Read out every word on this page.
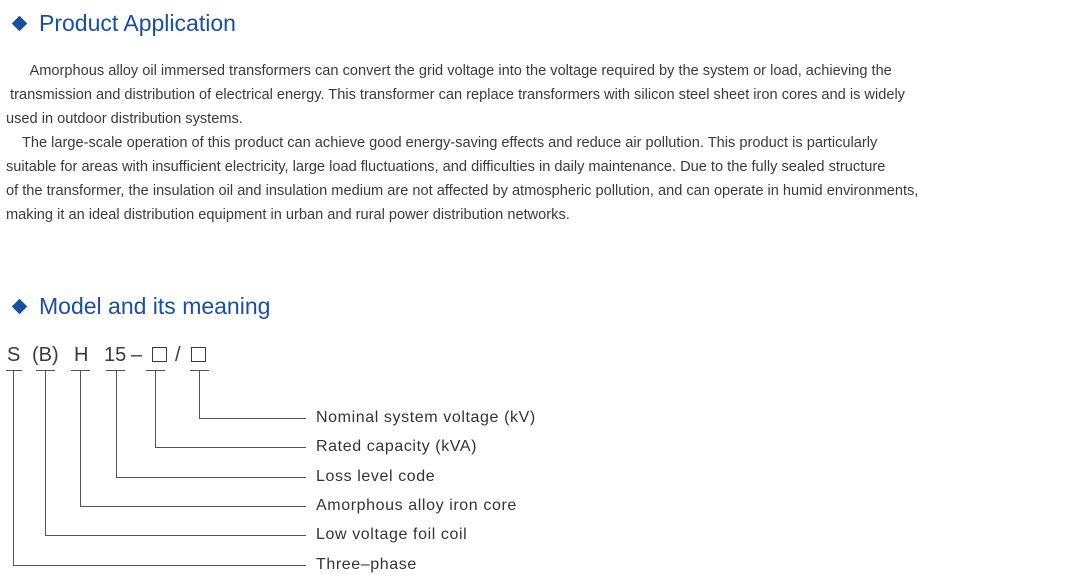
Product Application

Amorphous alloy oil immersed transformers can convert the grid voltage into the voltage required by the system or load, achieving the
transmission and distribution of electrical energy. This transformer can replace transformers with silicon steel sheet iron cores and is widely
used in outdoor distribution systems.

The large-scale operation of this product can achieve good energy-saving effects and reduce air pollution. This product is particularly
suitable for areas with insufficient electricity, large load fluctuations, and difficulties in daily maintenance. Due to the fully sealed structure
of the transformer, the insulation oil and insulation medium are not affected by atmospheric pollution, and can operate in humid environments,
making it an ideal distribution equipment in urban and rural power distribution networks.

Model and its meaning
S (B) H 15 – /
Nominal system voltage (kV)
Rated capacity (kVA)
Loss level code
Amorphous alloy iron core
Low voltage foil coil
Three–phase
